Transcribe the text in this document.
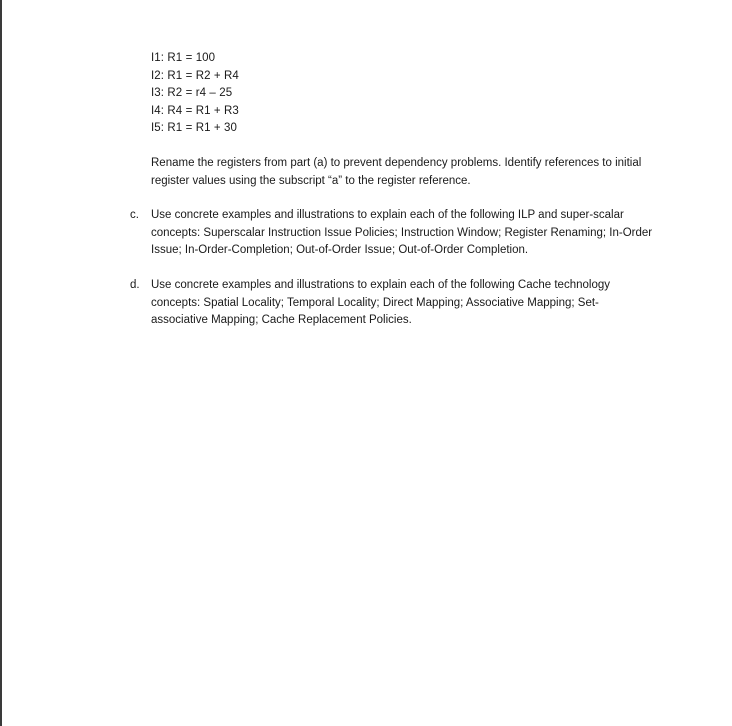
I1: R1 = 100
I2: R1 = R2 + R4
I3: R2 = r4 – 25
I4: R4 = R1 + R3
I5: R1 = R1 + 30
Rename the registers from part (a) to prevent dependency problems. Identify references to initial register values using the subscript “a” to the register reference.
c.	Use concrete examples and illustrations to explain each of the following ILP and super-scalar concepts: Superscalar Instruction Issue Policies; Instruction Window; Register Renaming; In-Order Issue; In-Order-Completion; Out-of-Order Issue; Out-of-Order Completion.
d. Use concrete examples and illustrations to explain each of the following Cache technology concepts: Spatial Locality; Temporal Locality; Direct Mapping; Associative Mapping; Set-associative Mapping; Cache Replacement Policies.
